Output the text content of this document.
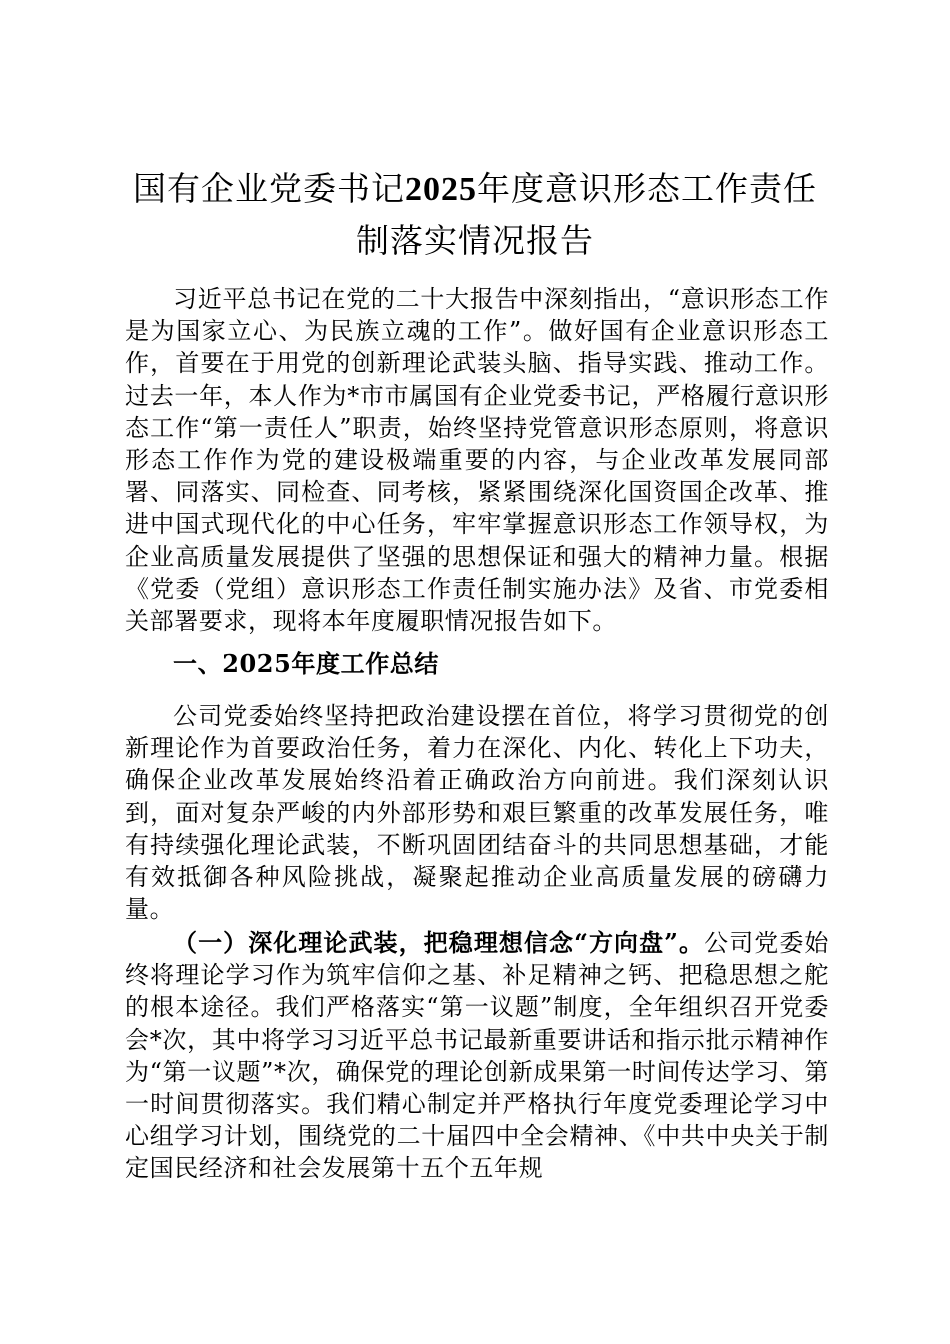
国有企业党委书记2025年度意识形态工作责任制落实情况报告

习近平总书记在党的二十大报告中深刻指出，“意识形态工作是为国家立心、为民族立魂的工作”。做好国有企业意识形态工作，首要在于用党的创新理论武装头脑、指导实践、推动工作。过去一年，本人作为*市市属国有企业党委书记，严格履行意识形态工作“第一责任人”职责，始终坚持党管意识形态原则，将意识形态工作作为党的建设极端重要的内容，与企业改革发展同部署、同落实、同检查、同考核，紧紧围绕深化国资国企改革、推进中国式现代化的中心任务，牢牢掌握意识形态工作领导权，为企业高质量发展提供了坚强的思想保证和强大的精神力量。根据《党委（党组）意识形态工作责任制实施办法》及省、市党委相关部署要求，现将本年度履职情况报告如下。

一、2025年度工作总结

公司党委始终坚持把政治建设摆在首位，将学习贯彻党的创新理论作为首要政治任务，着力在深化、内化、转化上下功夫，确保企业改革发展始终沿着正确政治方向前进。我们深刻认识到，面对复杂严峻的内外部形势和艰巨繁重的改革发展任务，唯有持续强化理论武装，不断巩固团结奋斗的共同思想基础，才能有效抵御各种风险挑战，凝聚起推动企业高质量发展的磅礴力量。

（一）深化理论武装，把稳理想信念“方向盘”。公司党委始终将理论学习作为筑牢信仰之基、补足精神之钙、把稳思想之舵的根本途径。我们严格落实“第一议题”制度，全年组织召开党委会*次，其中将学习习近平总书记最新重要讲话和指示批示精神作为“第一议题”*次，确保党的理论创新成果第一时间传达学习、第一时间贯彻落实。我们精心制定并严格执行年度党委理论学习中心组学习计划，围绕党的二十届四中全会精神、《中共中央关于制定国民经济和社会发展第十五个五年规
